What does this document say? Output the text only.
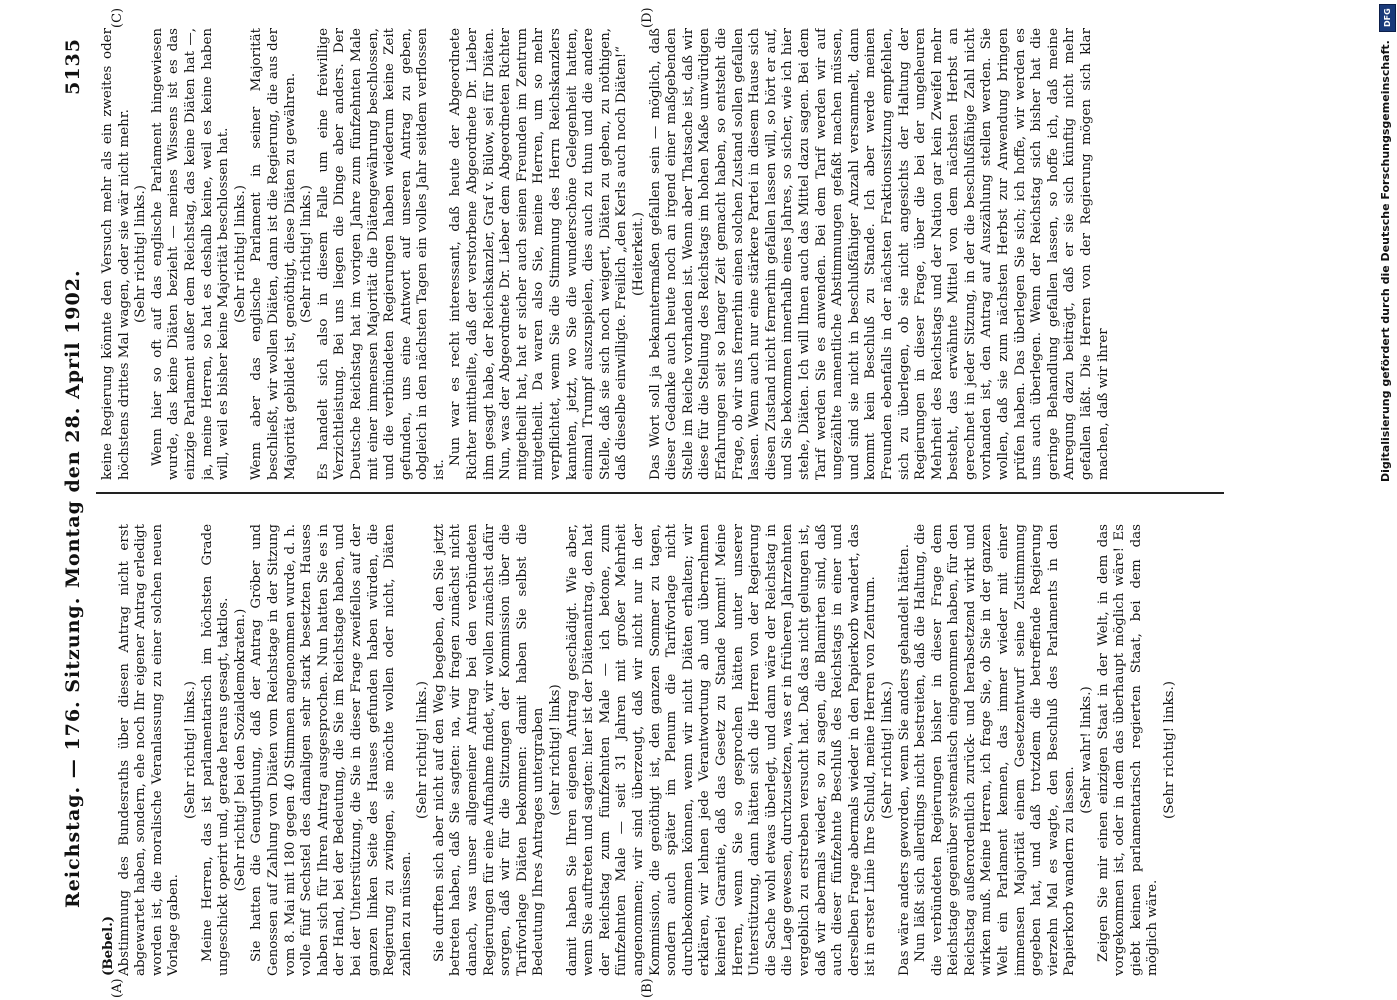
Reichstag. — 176. Sitzung.
Montag den 28. April 1902.
5135
(A)	(B)
(C)	(D)

(Bebel.) Abstimmung des Bundesraths über diesen Antrag nicht erst abgewartet haben, sondern, ehe noch Ihr eigener Antrag erledigt worden ist, die moralische Veranlassung zu einer solchen neuen Vorlage gaben.

(Sehr richtig! links.) Meine Herren, das ist parlamentarisch im höchsten Grade ungeschickt operirt und, gerade heraus gesagt, taktlos. (Sehr richtig! bei den Sozialdemokraten.) Sie hatten die Genugthuung, daß der Antrag Gröber und Genossen auf Zahlung von Diäten vom Reichstage in der Sitzung vom 8. Mai mit 180 gegen 40 Stimmen angenommen wurde, d. h. volle fünf Sechstel des damaligen sehr stark besetzten Hauses haben sich für Ihren Antrag ausgesprochen. Nun hatten Sie es in der Hand, bei der Bedeutung, die Sie im Reichstage haben, und bei der Unterstützung, die Sie in dieser Frage zweifellos auf der ganzen linken Seite des Hauses gefunden haben würden, die Regierung zu zwingen, sie möchte wollen oder nicht, Diäten zahlen zu müssen.

(Sehr richtig! links.) Sie durften sich aber nicht auf den Weg begeben, den Sie jetzt betreten haben, daß Sie sagten: na, wir fragen zunächst nicht danach, was unser allgemeiner Antrag bei den verbündeten Regierungen für eine Aufnahme findet, wir wollen zunächst dafür sorgen, daß wir für die Sitzungen der Kommission über die Tarifvorlage Diäten bekommen: damit haben Sie selbst die Bedeutung Ihres Antrages untergraben (sehr richtig! links) damit haben Sie Ihren eigenen Antrag geschädigt. Wie aber, wenn Sie auftreten und sagten: hier ist der Diätenantrag, den hat der Reichstag zum fünfzehnten Male — ich betone, zum fünfzehnten Male — seit 31 Jahren mit großer Mehrheit angenommen; wir sind überzeugt, daß wir nicht nur in der Kommission, die genöthigt ist, den ganzen Sommer zu tagen, sondern auch später im Plenum die Tarifvorlage nicht durchbekommen können, wenn wir nicht Diäten erhalten; wir erklären, wir lehnen jede Verantwortung ab und übernehmen keinerlei Garantie, daß das Gesetz zu Stande kommt! Meine Herren, wenn Sie so gesprochen hätten unter unserer Unterstützung, dann hätten sich die Herren von der Regierung die Sache wohl etwas überlegt, und dann wäre der Reichstag in die Lage gewesen, durchzusetzen, was er in früheren Jahrzehnten vergeblich zu erstreben versucht hat. Daß das nicht gelungen ist, daß wir abermals wieder, so zu sagen, die Blamirten sind, daß auch dieser fünfzehnte Beschluß des Reichstags in einer und derselben Frage abermals wieder in den Papierkorb wandert, das ist in erster Linie Ihre Schuld, meine Herren von Zentrum. (Sehr richtig! links.) Das wäre anders geworden, wenn Sie anders gehandelt hätten. Nun läßt sich allerdings nicht bestreiten, daß die Haltung, die die verbündeten Regierungen bisher in dieser Frage dem Reichstage gegenüber systematisch eingenommen haben, für den Reichstag außerordentlich zurück- und herabsetzend wirkt und wirken muß. Meine Herren, ich frage Sie, ob Sie in der ganzen Welt ein Parlament kennen, das immer wieder mit einer immensen Majorität einem Gesetzentwurf seine Zustimmung gegeben hat, und daß trotzdem die betreffende Regierung vierzehn Mal es wagte, den Beschluß des Parlaments in den Papierkorb wandern zu lassen.

(Sehr wahr! links.) Zeigen Sie mir einen einzigen Staat in der Welt, in dem das vorgekommen ist, oder in dem das überhaupt möglich wäre! Es giebt keinen parlamentarisch regierten Staat, bei dem das möglich wäre.

(Sehr richtig! links.)

keine Regierung könnte den Versuch mehr als ein zweites oder höchstens drittes Mal wagen, oder sie wär nicht mehr. (Sehr richtig! links.) Wenn hier so oft auf das englische Parlament hingewiesen wurde, das keine Diäten bezieht — meines Wissens ist es das einzige Parlament außer dem Reichstag, das keine Diäten hat —, ja, meine Herren, so hat es deshalb keine, weil es keine haben will, weil es bisher keine Majorität beschlossen hat. (Sehr richtig! links.) Wenn aber das englische Parlament in seiner Majorität beschließt, wir wollen Diäten, dann ist die Regierung, die aus der Majorität gebildet ist, genöthigt, diese Diäten zu gewähren. (Sehr richtig! links.) Es handelt sich also in diesem Falle um eine freiwillige Verzichtleistung. Bei uns liegen die Dinge aber anders. Der Deutsche Reichstag hat im vorigen Jahre zum fünfzehnten Male mit einer immensen Majorität die Diätengewährung beschlossen, und die verbündeten Regierungen haben wiederum keine Zeit gefunden, uns eine Antwort auf unseren Antrag zu geben, obgleich in den nächsten Tagen ein volles Jahr seitdem verflossen ist.

Nun war es recht interessant, daß heute der Abgeordnete Richter mittheilte, daß der verstorbene Abgeordnete Dr. Lieber ihm gesagt habe, der Reichskanzler, Graf v. Bülow, sei für Diäten. Nun, was der Abgeordnete Dr. Lieber dem Abgeordneten Richter mitgetheilt hat, hat er sicher auch seinen Freunden im Zentrum mitgetheilt. Da waren also Sie, meine Herren, um so mehr verpflichtet, wenn Sie die Stimmung des Herrn Reichskanzlers kannten, jetzt, wo Sie die wunderschöne Gelegenheit hatten, einmal Trumpf auszuspielen, dies auch zu thun und die andere Stelle, daß sie sich noch weigert, Diäten zu geben, zu nöthigen, daß dieselbe einwilligte. Freilich „den Kerls auch noch Diäten!“ (Heiterkeit.) Das Wort soll ja bekanntermaßen gefallen sein — möglich, daß dieser Gedanke auch heute noch an irgend einer maßgebenden Stelle im Reiche vorhanden ist. Wenn aber Thatsache ist, daß wir diese für die Stellung des Reichstags im hohen Maße unwürdigen Erfahrungen seit so langer Zeit gemacht haben, so entsteht die Frage, ob wir uns fernerhin einen solchen Zustand sollen gefallen lassen. Wenn auch nur eine stärkere Partei in diesem Hause sich diesen Zustand nicht fernerhin gefallen lassen will, so hört er auf, und Sie bekommen innerhalb eines Jahres, so sicher, wie ich hier stehe, Diäten. Ich will Ihnen auch das Mittel dazu sagen. Bei dem Tarif werden Sie es anwenden. Bei dem Tarif werden wir auf ungezählte namentliche Abstimmungen gefaßt machen müssen, und sind sie nicht in beschlußfähiger Anzahl versammelt, dann kommt kein Beschluß zu Stande. Ich aber werde meinen Freunden ebenfalls in der nächsten Fraktionssitzung empfehlen, sich zu überlegen, ob sie nicht angesichts der Haltung der Regierungen in dieser Frage, über die bei der ungeheuren Mehrheit des Reichstags und der Nation gar kein Zweifel mehr besteht, das erwähnte Mittel von dem nächsten Herbst an gerechnet in jeder Sitzung, in der die beschlußfähige Zahl nicht vorhanden ist, den Antrag auf Auszählung stellen werden. Sie wollen, daß sie zum nächsten Herbst zur Anwendung bringen prüfen haben. Das überlegen Sie sich; ich hoffe, wir werden es uns auch überlegen. Wenn der Reichstag sich bisher hat die geringe Behandlung gefallen lassen, so hoffe ich, daß meine Anregung dazu beiträgt, daß er sie sich künftig nicht mehr gefallen läßt. Die Herren von der Regierung mögen sich klar machen, daß wir ihrer

DFG
Digitalisierung gefördert durch die Deutsche Forschungsgemeinschaft.
